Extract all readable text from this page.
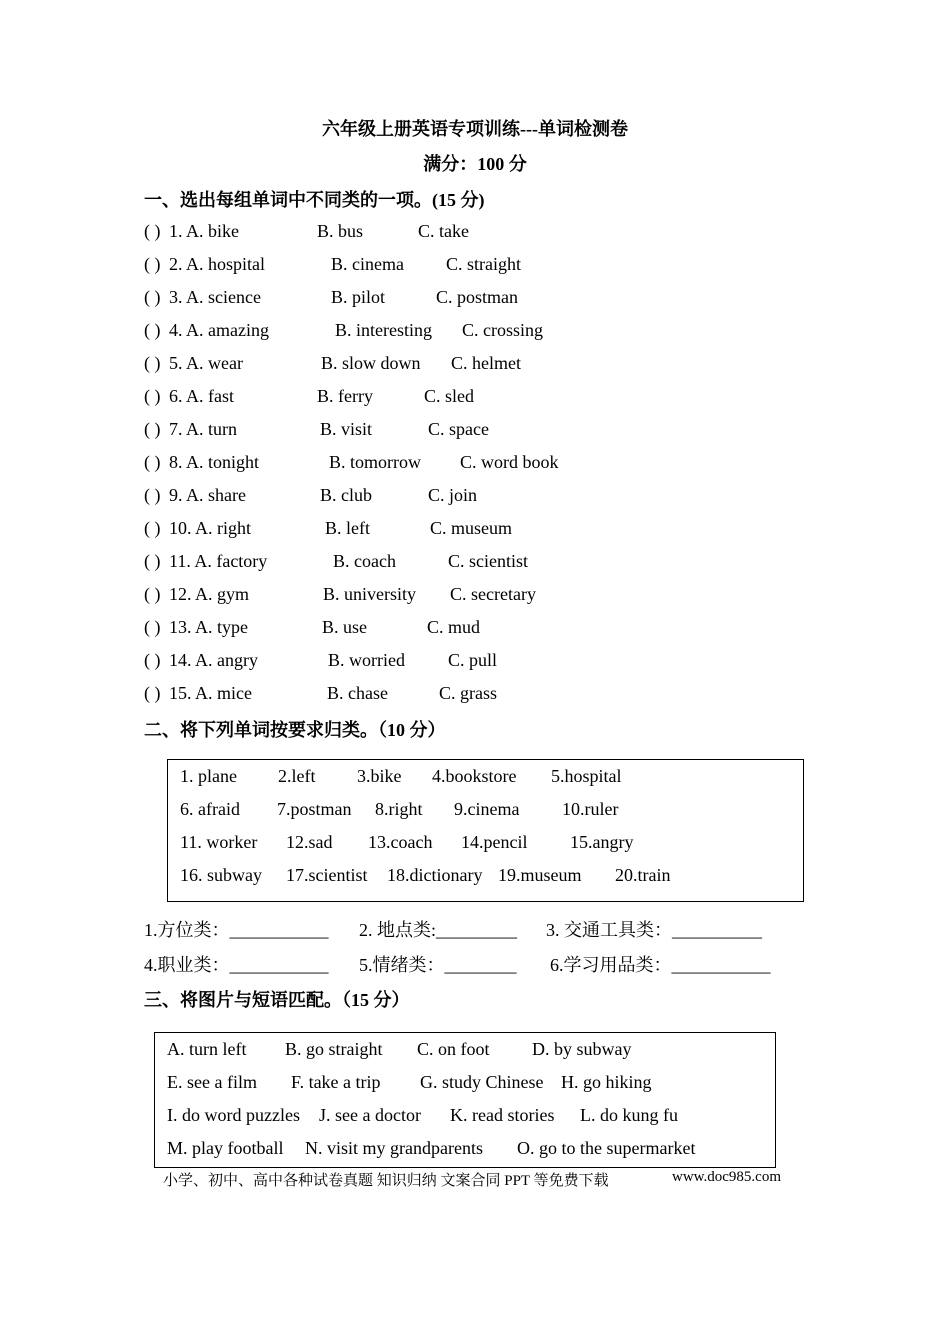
六年级上册英语专项训练---单词检测卷
满分：100 分
一、选出每组单词中不同类的一项。(15 分)
( ) 1. A. bike	B. bus	C. take
( ) 2. A. hospital	B. cinema C. straight
( ) 3. A. science	B. pilot	C. postman
( ) 4. A. amazing	B. interesting C. crossing
( ) 5. A. wear	B. slow down C. helmet
( ) 6. A. fast	B. ferry	C. sled
( ) 7. A. turn	B. visit	C. space
( ) 8. A. tonight	B. tomorrow C. word book
( ) 9. A. share	B. club	C. join
( ) 10. A. right	B. left	C. museum
( ) 11. A. factory	B. coach	C. scientist
( ) 12. A. gym	B. university C. secretary
( ) 13. A. type	B. use	C. mud
( ) 14. A. angry	B. worried C. pull
( ) 15. A. mice	B. chase	C. grass
二、将下列单词按要求归类。（10 分）
1. plane 2.left 3.bike 4.bookstore 5.hospital
6. afraid 7.postman 8.right 9.cinema 10.ruler
11. worker 12.sad 13.coach 14.pencil 15.angry
16. subway 17.scientist 18.dictionary 19.museum 20.train
1.方位类：___________ 2. 地点类:_________ 3. 交通工具类：__________
4.职业类：___________ 5.情绪类：________ 6.学习用品类：___________
三、将图片与短语匹配。（15 分）
A. turn left B. go straight C. on foot D. by subway
E. see a film F. take a trip G. study Chinese H. go hiking
I. do word puzzles J. see a doctor K. read stories L. do kung fu
M. play football N. visit my grandparents O. go to the supermarket
小学、初中、高中各种试卷真题 知识归纳 文案合同 PPT 等免费下载	www.doc985.com
